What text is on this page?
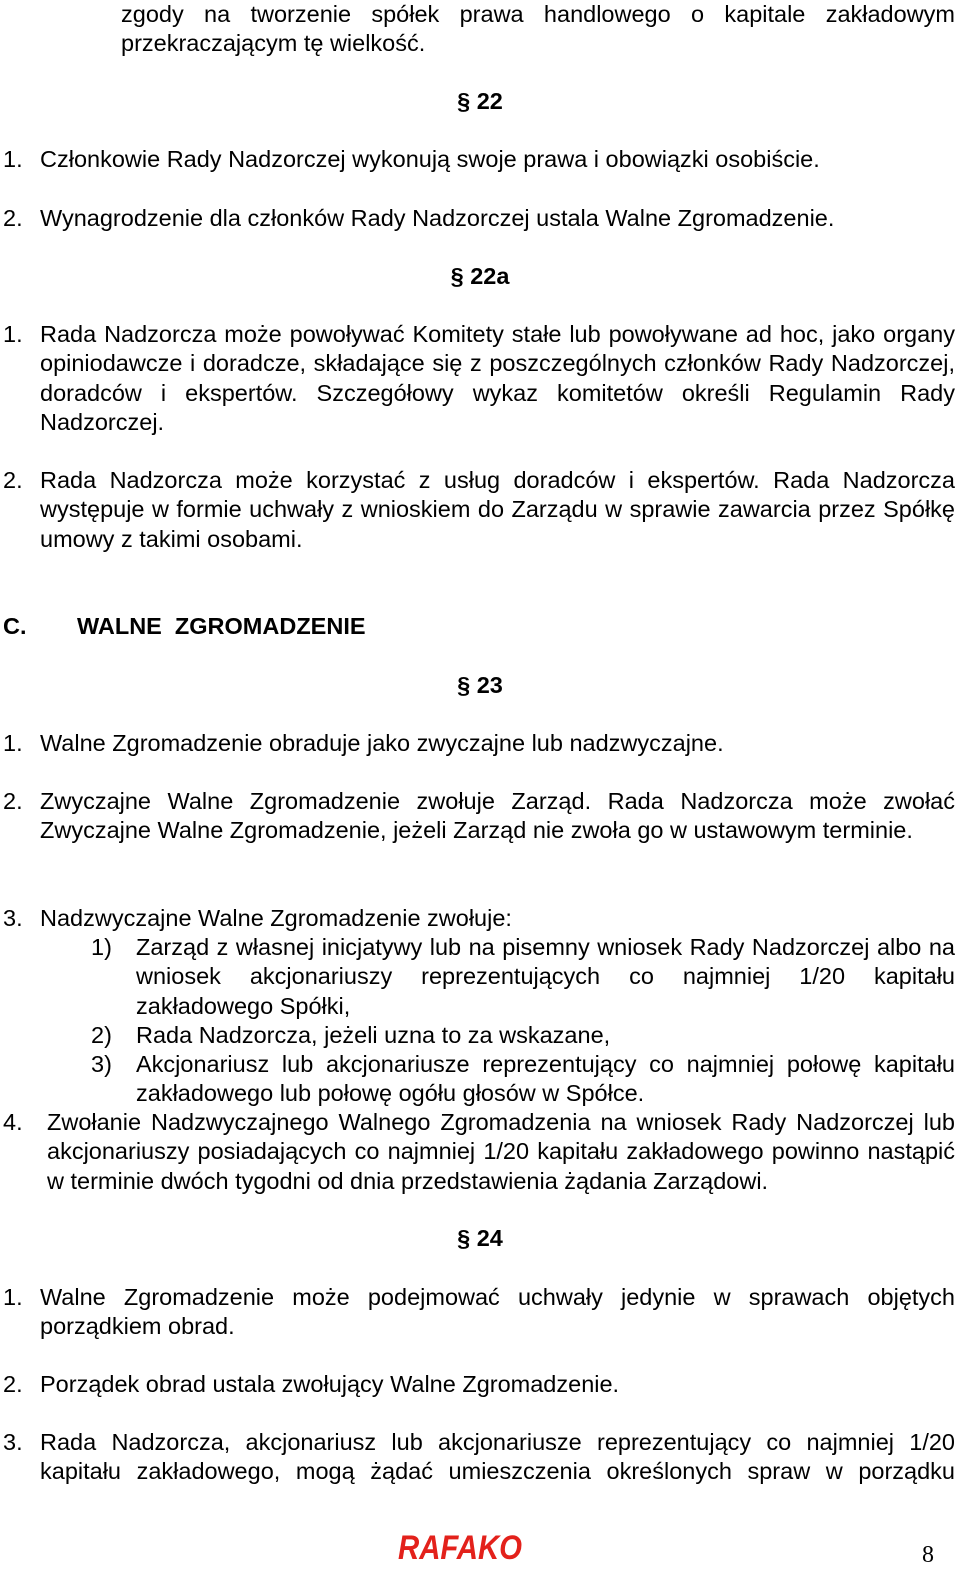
zgody na tworzenie spółek prawa handlowego o kapitale zakładowym
przekraczającym tę wielkość.
§ 22
1. Członkowie Rady Nadzorczej wykonują swoje prawa i obowiązki osobiście.
2. Wynagrodzenie dla członków Rady Nadzorczej ustala Walne Zgromadzenie.
§ 22a
1. Rada Nadzorcza może powoływać Komitety stałe lub powoływane ad hoc, jako organy opiniodawcze i doradcze, składające się z poszczególnych członków Rady Nadzorczej, doradców i ekspertów. Szczegółowy wykaz komitetów określi Regulamin Rady Nadzorczej.
2. Rada Nadzorcza może korzystać z usług doradców i ekspertów. Rada Nadzorcza występuje w formie uchwały z wnioskiem do Zarządu w sprawie zawarcia przez Spółkę umowy z takimi osobami.
C. WALNE  ZGROMADZENIE
§ 23
1. Walne Zgromadzenie obraduje jako zwyczajne lub nadzwyczajne.
2. Zwyczajne Walne Zgromadzenie zwołuje Zarząd. Rada Nadzorcza może zwołać Zwyczajne Walne Zgromadzenie, jeżeli Zarząd nie zwoła go w ustawowym terminie.
3. Nadzwyczajne Walne Zgromadzenie zwołuje:
1) Zarząd z własnej inicjatywy lub na pisemny wniosek Rady Nadzorczej albo na wniosek akcjonariuszy reprezentujących co najmniej 1/20 kapitału zakładowego Spółki,
2) Rada Nadzorcza, jeżeli uzna to za wskazane,
3) Akcjonariusz lub akcjonariusze reprezentujący co najmniej połowę kapitału zakładowego lub połowę ogółu głosów w Spółce.
4. Zwołanie Nadzwyczajnego Walnego Zgromadzenia na wniosek Rady Nadzorczej lub akcjonariuszy posiadających co najmniej 1/20 kapitału zakładowego powinno nastąpić w terminie dwóch tygodni od dnia przedstawienia żądania Zarządowi.
§ 24
1. Walne Zgromadzenie może podejmować uchwały jedynie w sprawach objętych porządkiem obrad.
2. Porządek obrad ustala zwołujący Walne Zgromadzenie.
3. Rada Nadzorcza, akcjonariusz lub akcjonariusze reprezentujący co najmniej 1/20
kapitału zakładowego, mogą żądać umieszczenia określonych spraw w porządku
RAFAKO	8
